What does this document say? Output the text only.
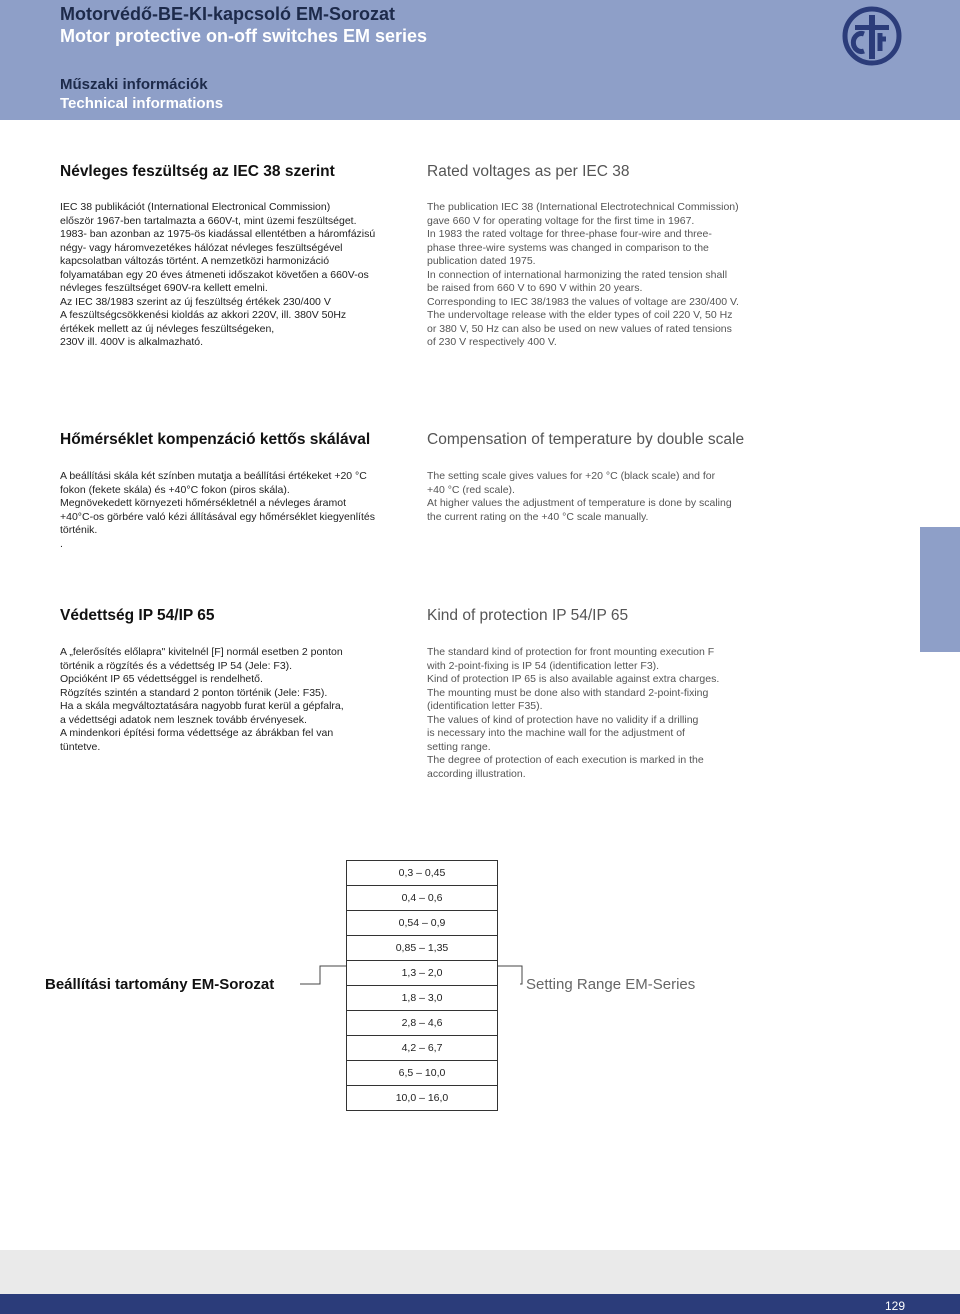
Motorvédő-BE-KI-kapcsoló EM-Sorozat
Motor protective on-off switches EM series
Műszaki információk
Technical informations
Névleges feszültség az IEC 38 szerint	Rated voltages as per IEC 38
IEC 38 publikációt (International Electronical Commission)
először 1967-ben tartalmazta a 660V-t, mint üzemi feszültséget.
1983- ban azonban az 1975-ös kiadással ellentétben a háromfázisú
négy- vagy háromvezetékes hálózat névleges feszültségével
kapcsolatban változás történt. A nemzetközi harmonizáció
folyamatában egy 20 éves átmeneti időszakot követően a 660V-os
névleges feszültséget 690V-ra kellett emelni.
Az IEC 38/1983 szerint az új feszültség értékek 230/400 V
A feszültségcsökkenési kioldás az akkori 220V, ill. 380V 50Hz
értékek mellett az új névleges feszültségeken,
230V ill. 400V is alkalmazható.
The publication IEC 38 (International Electrotechnical Commission)
gave 660 V for operating voltage for the first time in 1967.
In 1983 the rated voltage for three-phase four-wire and three-
phase three-wire systems was changed in comparison to the
publication dated 1975.
In connection of international harmonizing the rated tension shall
be raised from 660 V to 690 V within 20 years.
Corresponding to IEC 38/1983 the values of voltage are 230/400 V.
The undervoltage release with the elder types of coil 220 V, 50 Hz
or 380 V, 50 Hz can also be used on new values of rated tensions
of 230 V respectively 400 V.
Hőmérséklet kompenzáció kettős skálával	Compensation of temperature by double scale
A beállítási skála két színben mutatja a beállítási értékeket +20 °C
fokon (fekete skála) és +40°C fokon (piros skála).
Megnövekedett környezeti hőmérsékletnél a névleges áramot
+40°C-os görbére való kézi állításával egy hőmérséklet kiegyenlítés
történik.
.
The setting scale gives values for +20 °C (black scale) and for
+40 °C (red scale).
At higher values the adjustment of temperature is done by scaling
the current rating on the +40 °C scale manually.
Védettség IP 54/IP 65	Kind of protection IP 54/IP 65
A „felerősítés előlapra" kivitelnél [F] normál esetben 2 ponton
történik a rögzítés és a védettség IP 54 (Jele: F3).
Opcióként IP 65 védettséggel is rendelhető.
Rögzítés szintén a standard 2 ponton történik (Jele: F35).
Ha a skála megváltoztatására nagyobb furat kerül a gépfalra,
a védettségi adatok nem lesznek tovább érvényesek.
A mindenkori építési forma védettsége az ábrákban fel van
tüntetve.
The standard kind of protection for front mounting execution F
with 2-point-fixing is IP 54 (identification letter F3).
Kind of protection IP 65 is also available against extra charges.
The mounting must be done also with standard 2-point-fixing
(identification letter F35).
The values of kind of protection have no validity if a drilling
is necessary into the machine wall for the adjustment of
setting range.
The degree of protection of each execution is marked in the
according illustration.
0,3 – 0,45
0,4 – 0,6
0,54 – 0,9
0,85 – 1,35
1,3 – 2,0
1,8 – 3,0
2,8 – 4,6
4,2 – 6,7
6,5 – 10,0
10,0 – 16,0
Beállítási tartomány EM-Sorozat	Setting Range EM-Series
129
